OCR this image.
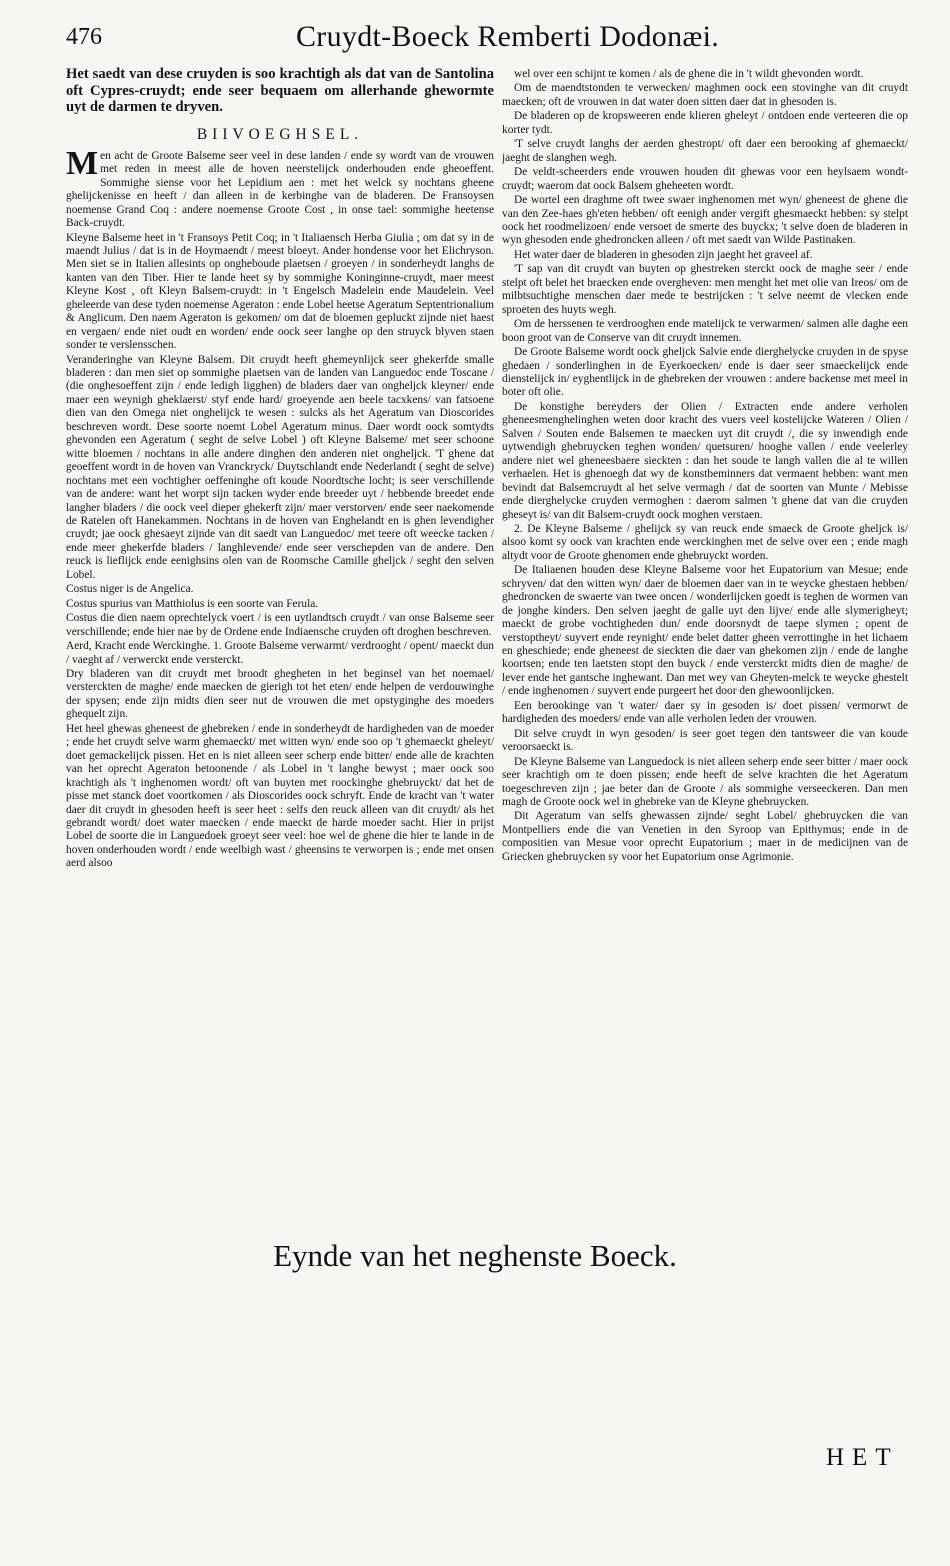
476	Cruydt-Boeck Remberti Dodonæi.

Het saedt van dese cruyden is soo krachtigh als dat van de Santolina oft Cypres-cruydt; ende seer bequaem om allerhande ghewormte uyt de darmen te dryven.

BIIVOEGHSEL.

Men acht de Groote Balseme seer veel in dese landen / ende sy wordt van de vrouwen met reden in meest alle de hoven neerstelijck onderhouden ende gheoeffent. Sommighe siense voor het Lepidium aen : met het welck sy nochtans gheene ghelijckenisse en heeft / dan alleen in de kerbinghe van de bladeren. De Fransoysen noemense Grand Coq : andere noemense Groote Cost , in onse tael: sommighe heetense Back-cruydt.

Kleyne Balseme heet in 't Fransoys Petit Coq; in 't Italiaensch Herba Giulia ; om dat sy in de maendt Julius / dat is in de Hoymaendt / meest bloeyt. Ander hondense voor het Elichryson. Men siet se in Italien allesints op ongheboude plaetsen / groeyen / in sonderheydt langhs de kanten van den Tiber. Hier te lande heet sy by sommighe Koninginne-cruydt, maer meest Kleyne Kost , oft Kleyn Balsem-cruydt: in 't Engelsch Madelein ende Maudelein. Veel gheleerde van dese tyden noemense Ageraton : ende Lobel heetse Ageratum Septentrionalium & Anglicum. Den naem Ageraton is gekomen/ om dat de bloemen gepluckt zijnde niet haest en vergaen/ ende niet oudt en worden/ ende oock seer langhe op den struyck blyven staen sonder te verslensschen.

Veranderinghe van Kleyne Balsem. Dit cruydt heeft ghemeynlijck seer ghekerfde smalle bladeren : dan men siet op sommighe plaetsen van de landen van Languedoc ende Toscane / (die onghesoeffent zijn / ende ledigh ligghen) de bladers daer van ongheljck kleyner/ ende maer een weynigh gheklaerst/ styf ende hard/ groeyende aen beele tacxkens/ van fatsoene dien van den Omega niet onghelijck te wesen : sulcks als het Ageratum van Dioscorides beschreven wordt. Dese soorte noemt Lobel Ageratum minus. Daer wordt oock somtydts ghevonden een Ageratum ( seght de selve Lobel ) oft Kleyne Balseme/ met seer schoone witte bloemen / nochtans in alle andere dinghen den anderen niet ongheljck. 'T ghene dat geoeffent wordt in de hoven van Vranckryck/ Duytschlandt ende Nederlandt ( seght de selve) nochtans met een vochtigher oeffeninghe oft koude Noordtsche locht; is seer verschillende van de andere: want het worpt sijn tacken wyder ende breeder uyt / hebbende breedet ende langher bladers / die oock veel dieper ghekerft zijn/ maer verstorven/ ende seer naekomende de Ratelen oft Hanekammen. Nochtans in de hoven van Enghelandt en is ghen levendigher cruydt; jae oock ghesaeyt zijnde van dit saedt van Languedoc/ met teere oft weecke tacken / ende meer ghekerfde bladers / langhlevende/ ende seer verschepden van de andere. Den reuck is lieflijck ende eenighsins olen van de Roomsche Camille gheljck / seght den selven Lobel.

Costus niger is de Angelica.

Costus spurius van Matthiolus is een soorte van Ferula.

Costus die dien naem oprechtelyck voert / is een uytlandtsch cruydt / van onse Balseme seer verschillende; ende hier nae by de Ordene ende Indiaensche cruyden oft droghen beschreven.

Aerd, Kracht ende Werckinghe. 1. Groote Balseme verwarmt/ verdrooght / opent/ maeckt dun / vaeght af / verwerckt ende versterckt.

Dry bladeren van dit cruydt met broodt ghegheten in het beginsel van het noemael/ versterckten de maghe/ ende maecken de gierigh tot het eten/ ende helpen de verdouwinghe der spysen; ende zijn midts dien seer nut de vrouwen die met opstyginghe des moeders ghequelt zijn.

Het heel ghewas gheneest de ghebreken / ende in sonderheydt de hardigheden van de moeder ; ende het cruydt selve warm ghemaeckt/ met witten wyn/ ende soo op 't ghemaeckt gheleyt/ doet gemackelijck pissen. Het en is niet alleen seer scherp ende bitter/ ende alle de krachten van het oprecht Ageraton betoonende / als Lobel in 't langhe bewyst ; maer oock soo krachtigh als 't inghenomen wordt/ oft van buyten met roockinghe ghebruyckt/ dat het de pisse met stanck doet voortkomen / als Dioscorides oock schryft. Ende de kracht van 't water daer dit cruydt in ghesoden heeft is seer heet : selfs den reuck alleen van dit cruydt/ als het gebrandt wordt/ doet water maecken / ende maeckt de harde moeder sacht. Hier in prijst Lobel de soorte die in Languedoek groeyt seer veel: hoe wel de ghene die hier te lande in de hoven onderhouden wordt / ende weelbigh wast / gheensins te verworpen is ; ende met onsen aerd alsoo

wel over een schijnt te komen / als de ghene die in 't wildt ghevonden wordt.

Om de maendtstonden te verwecken/ maghmen oock een stovinghe van dit cruydt maecken; oft de vrouwen in dat water doen sitten daer dat in ghesoden is.

De bladeren op de kropsweeren ende klieren gheleyt / ontdoen ende verteeren die op korter tydt.

'T selve cruydt langhs der aerden ghestropt/ oft daer een berooking af ghemaeckt/ jaeght de slanghen wegh.

De veldt-scheerders ende vrouwen houden dit ghewas voor een heylsaem wondt-cruydt; waerom dat oock Balsem gheheeten wordt.

De wortel een draghme oft twee swaer inghenomen met wyn/ gheneest de ghene die van den Zee-haes gh'eten hebben/ oft eenigh ander vergift ghesmaeckt hebben: sy stelpt oock het roodmelizoen/ ende versoet de smerte des buyckx; 't selve doen de bladeren in wyn ghesoden ende ghedroncken alleen / oft met saedt van Wilde Pastinaken.

Het water daer de bladeren in ghesoden zijn jaeght het graveel af.

'T sap van dit cruydt van buyten op ghestreken sterckt oock de maghe seer / ende stelpt oft belet het braecken ende overgheven: men menght het met olie van Ireos/ om de milbtsuchtighe menschen daer mede te bestrijcken : 't selve neemt de vlecken ende sproeten des huyts wegh.

Om de herssenen te verdrooghen ende matelijck te verwarmen/ salmen alle daghe een boon groot van de Conserve van dit cruydt innemen.

De Groote Balseme wordt oock gheljck Salvie ende dierghelycke cruyden in de spyse ghedaen / sonderlinghen in de Eyerkoecken/ ende is daer seer smaeckelijck ende dienstelijck in/ eyghentlijck in de ghebreken der vrouwen : andere backense met meel in boter oft olie.

De konstighe bereyders der Olien / Extracten ende andere verholen gheneesmenghelinghen weten door kracht des vuers veel kostelijcke Wateren / Olien / Salven / Souten ende Balsemen te maecken uyt dit cruydt /, die sy inwendigh ende uytwendigh ghebruycken teghen wonden/ quetsuren/ hooghe vallen / ende veelerley andere niet wel gheneesbaere sieckten : dan het soude te langh vallen die al te willen verhaelen. Het is ghenoegh dat wy de konstbeminners dat vermaent hebben: want men bevindt dat Balsemcruydt al het selve vermagh / dat de soorten van Munte / Mebisse ende dierghelycke cruyden vermoghen : daerom salmen 't ghene dat van die cruyden gheseyt is/ van dit Balsem-cruydt oock moghen verstaen.

2. De Kleyne Balseme / ghelijck sy van reuck ende smaeck de Groote gheljck is/ alsoo komt sy oock van krachten ende werckinghen met de selve over een ; ende magh altydt voor de Groote ghenomen ende ghebruyckt worden.

De Italiaenen houden dese Kleyne Balseme voor het Eupatorium van Mesue; ende schryven/ dat den witten wyn/ daer de bloemen daer van in te weycke ghestaen hebben/ ghedroncken de swaerte van twee oncen / wonderlijcken goedt is teghen de wormen van de jonghe kinders. Den selven jaeght de galle uyt den lijve/ ende alle slymerigheyt; maeckt de grobe vochtigheden dun/ ende doorsnydt de taepe slymen ; opent de verstoptheyt/ suyvert ende reynight/ ende belet datter gheen verrottinghe in het lichaem en gheschiede; ende gheneest de sieckten die daer van ghekomen zijn / ende de langhe koortsen; ende ten laetsten stopt den buyck / ende versterckt midts dien de maghe/ de lever ende het gantsche inghewant. Dan met wey van Gheyten-melck te weycke ghestelt / ende inghenomen / suyvert ende purgeert het door den ghewoonlijcken.

Een berookinge van 't water/ daer sy in gesoden is/ doet pissen/ vermorwt de hardigheden des moeders/ ende van alle verholen leden der vrouwen.

Dit selve cruydt in wyn gesoden/ is seer goet tegen den tantsweer die van koude veroorsaeckt is.

De Kleyne Balseme van Languedock is niet alleen seherp ende seer bitter / maer oock seer krachtigh om te doen pissen; ende heeft de selve krachten die het Ageratum toegeschreven zijn ; jae beter dan de Groote / als sommighe verseeckeren. Dan men magh de Groote oock wel in ghebreke van de Kleyne ghebruycken.

Dit Ageratum van selfs ghewassen zijnde/ seght Lobel/ ghebruycken die van Montpelliers ende die van Venetien in den Syroop van Epithymus; ende in de compositien van Mesue voor oprecht Eupatorium ; maer in de medicijnen van de Griecken ghebruycken sy voor het Eupatorium onse Agrimonie.

Eynde van het neghenste Boeck.
HET
